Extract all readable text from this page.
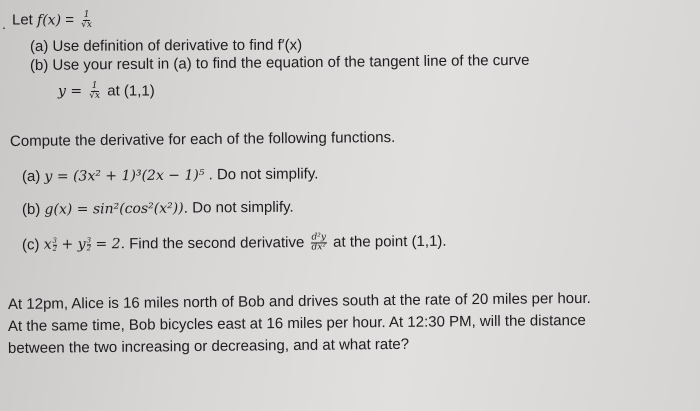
. Let $f(x) = \frac{1}{√x}$
(a) Use definition of derivative to find f′(x)
(b) Use your result in (a) to find the equation of the tangent line of the curve
$y = \frac{1}{√x}$ at (1,1)
Compute the derivative for each of the following functions.
(a) y = (3x² + 1)³(2x − 1)⁵ . Do not simplify.
(b) g(x) = sin²(cos²(x²)). Do not simplify.
(c) x $\frac{3}{2} + y \frac{3}{2} = 2$. Find the second derivative $\frac{\text{d²y}}{\text{dx²}}$ at the point (1,1).
At 12pm, Alice is 16 miles north of Bob and drives south at the rate of 20 miles per hour.
At the same time, Bob bicycles east at 16 miles per hour. At 12:30 PM, will the distance
between the two increasing or decreasing, and at what rate?
